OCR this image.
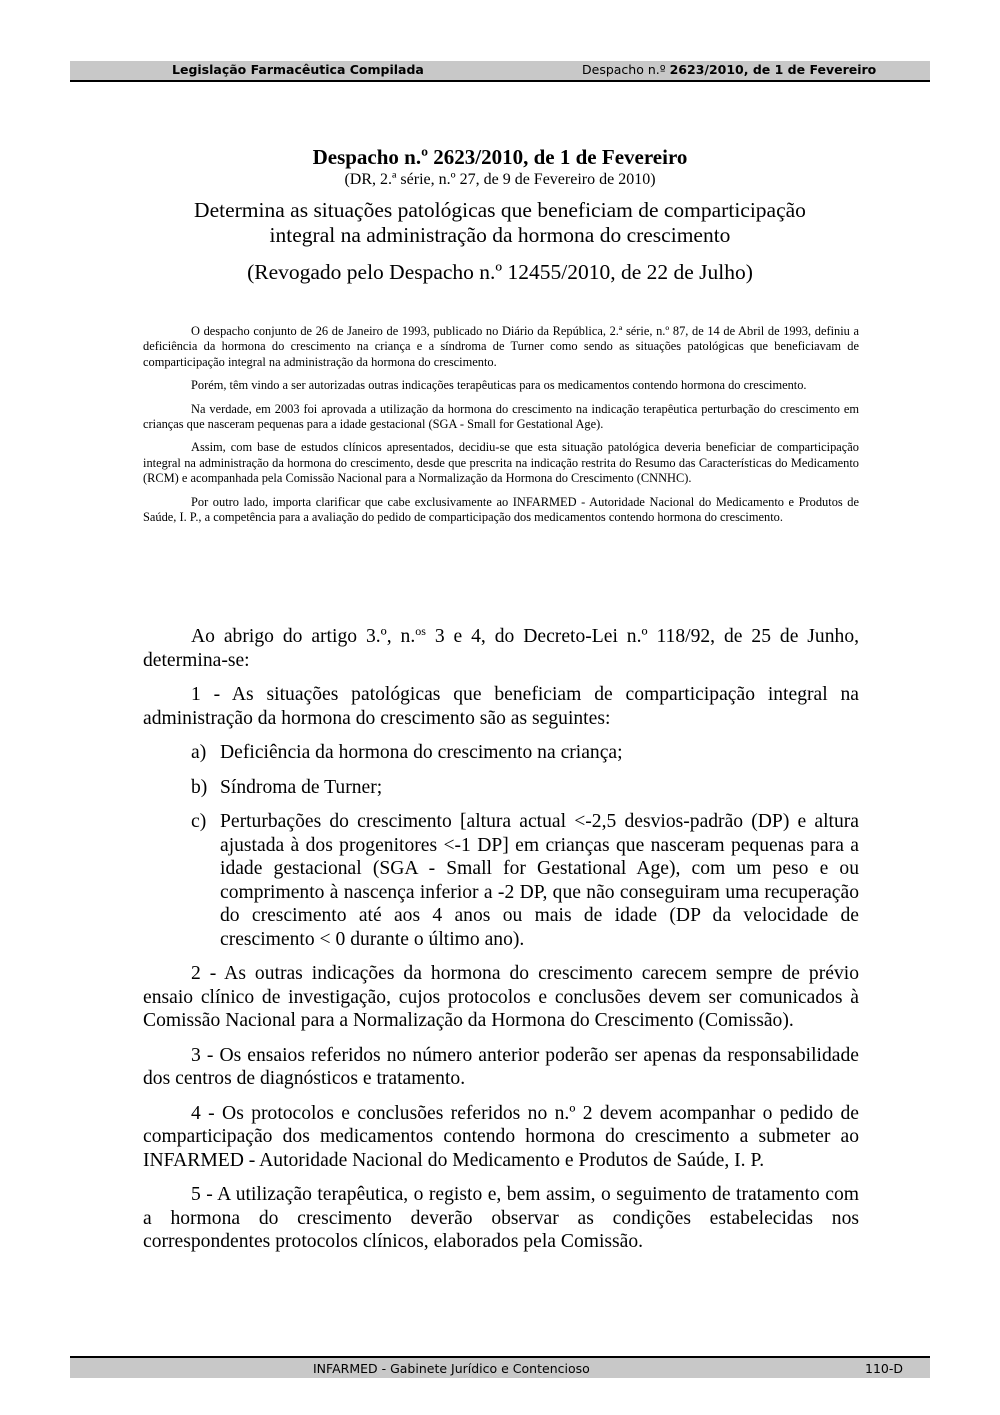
Legislação Farmacêutica Compilada	Despacho n.º 2623/2010, de 1 de Fevereiro
Despacho n.º 2623/2010, de 1 de Fevereiro
(DR, 2.ª série, n.º 27, de 9 de Fevereiro de 2010)
Determina as situações patológicas que beneficiam de comparticipação
integral na administração da hormona do crescimento
(Revogado pelo Despacho n.º 12455/2010, de 22 de Julho)

O despacho conjunto de 26 de Janeiro de 1993, publicado no Diário da República, 2.ª série, n.º 87, de 14 de Abril de 1993, definiu a deficiência da hormona do crescimento na criança e a síndroma de Turner como sendo as situações patológicas que beneficiavam de comparticipação integral na administração da hormona do crescimento.

Porém, têm vindo a ser autorizadas outras indicações terapêuticas para os medicamentos contendo hormona do crescimento.

Na verdade, em 2003 foi aprovada a utilização da hormona do crescimento na indicação terapêutica perturbação do crescimento em crianças que nasceram pequenas para a idade gestacional (SGA - Small for Gestational Age).

Assim, com base de estudos clínicos apresentados, decidiu-se que esta situação patológica deveria beneficiar de comparticipação integral na administração da hormona do crescimento, desde que prescrita na indicação restrita do Resumo das Características do Medicamento (RCM) e acompanhada pela Comissão Nacional para a Normalização da Hormona do Crescimento (CNNHC).

Por outro lado, importa clarificar que cabe exclusivamente ao INFARMED - Autoridade Nacional do Medicamento e Produtos de Saúde, I. P., a competência para a avaliação do pedido de comparticipação dos medicamentos contendo hormona do crescimento.

Ao abrigo do artigo 3.º, n.$^{os}$ 3 e 4, do Decreto-Lei n.º 118/92, de 25 de Junho, determina-se:

1 - As situações patológicas que beneficiam de comparticipação integral na administração da hormona do crescimento são as seguintes:

a) Deficiência da hormona do crescimento na criança;
b) Síndroma de Turner;
c) Perturbações do crescimento [altura actual <-2,5 desvios-padrão (DP) e altura ajustada à dos progenitores <-1 DP] em crianças que nasceram pequenas para a idade gestacional (SGA - Small for Gestational Age), com um peso e ou comprimento à nascença inferior a -2 DP, que não conseguiram uma recuperação do crescimento até aos 4 anos ou mais de idade (DP da velocidade de crescimento < 0 durante o último ano).

2 - As outras indicações da hormona do crescimento carecem sempre de prévio ensaio clínico de investigação, cujos protocolos e conclusões devem ser comunicados à Comissão Nacional para a Normalização da Hormona do Crescimento (Comissão).

3 - Os ensaios referidos no número anterior poderão ser apenas da responsabilidade dos centros de diagnósticos e tratamento.

4 - Os protocolos e conclusões referidos no n.º 2 devem acompanhar o pedido de comparticipação dos medicamentos contendo hormona do crescimento a submeter ao INFARMED - Autoridade Nacional do Medicamento e Produtos de Saúde, I. P.

5 - A utilização terapêutica, o registo e, bem assim, o seguimento de tratamento com a hormona do crescimento deverão observar as condições estabelecidas nos correspondentes protocolos clínicos, elaborados pela Comissão.

INFARMED - Gabinete Jurídico e Contencioso	110-D
